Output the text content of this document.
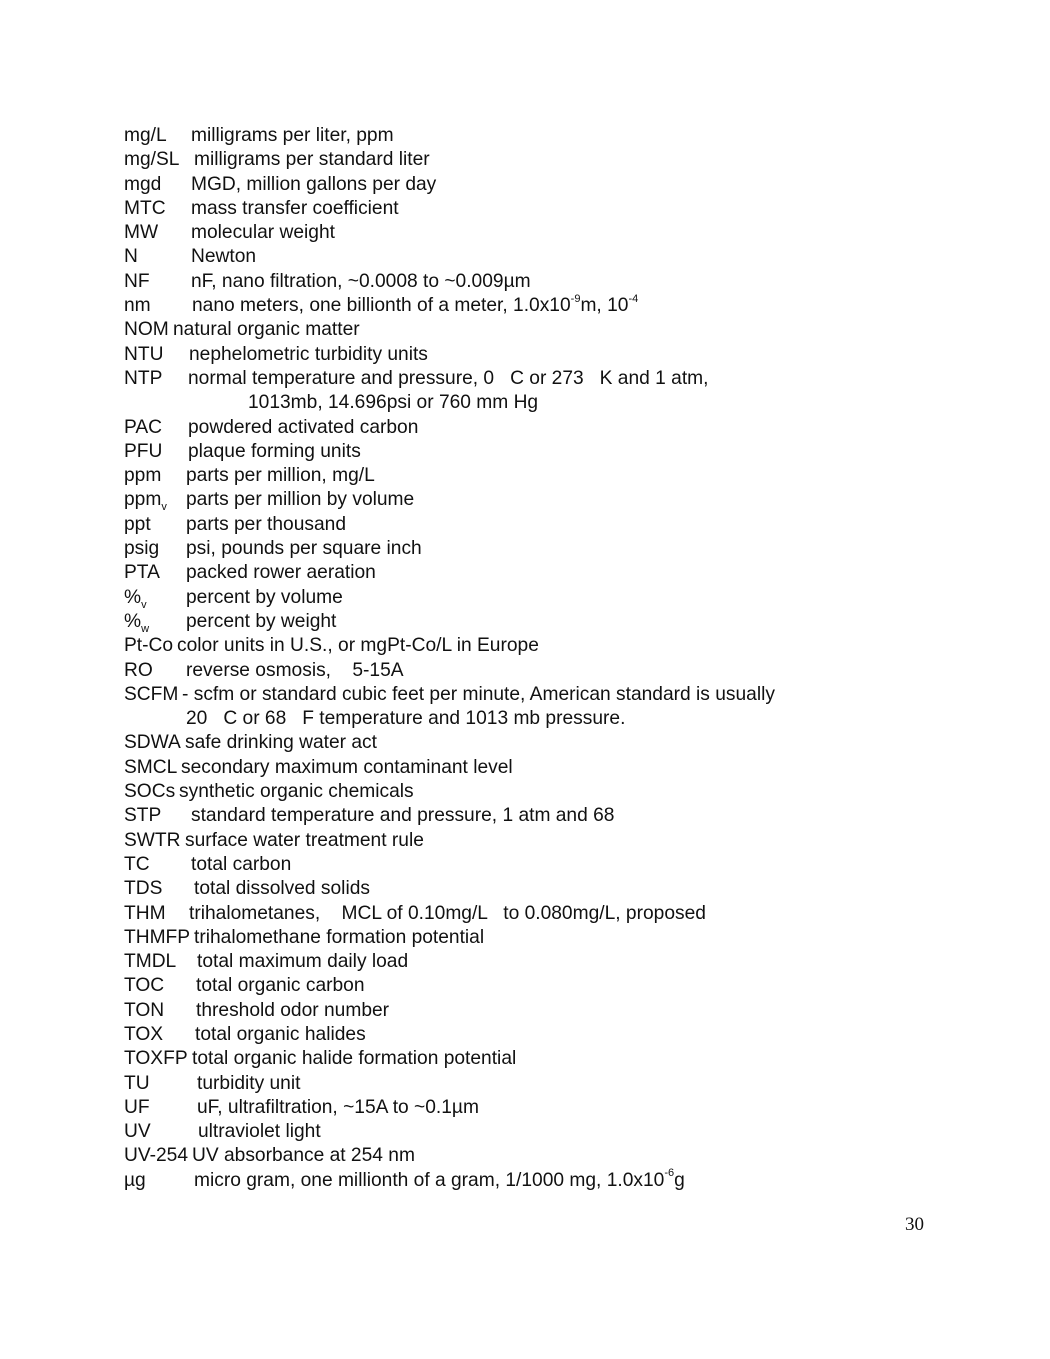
mg/L milligrams per liter, ppm
mg/SL milligrams per standard liter
mgd MGD, million gallons per day
MTC mass transfer coefficient
MW molecular weight
N	Newton
NF nF, nano filtration, ~0.0008 to ~0.009µm
nm nano meters, one billionth of a meter, $1.0x10^{-9}m$, $10^{-4}$
NOM natural organic matter
NTU nephelometric turbidity units
NTP normal temperature and pressure, 0   C or 273   K and 1 atm,
1013mb, 14.696psi or 760 mm Hg
PAC powdered activated carbon
PFU plaque forming units
ppm parts per million, mg/L
ppm$_v$ parts per million by volume
ppt parts per thousand
psig psi, pounds per square inch
PTA packed rower aeration
$\%_v$ percent by volume
$\%_w$ percent by weight
Pt-Co color units in U.S., or mgPt-Co/L in Europe
RO reverse osmosis,    5-15A
SCFM - scfm or standard cubic feet per minute, American standard is usually
20   C or 68   F temperature and 1013 mb pressure.
SDWA safe drinking water act
SMCL secondary maximum contaminant level
SOCs synthetic organic chemicals
STP standard temperature and pressure, 1 atm and 68
SWTR surface water treatment rule
TC total carbon
TDS total dissolved solids
THM trihalometanes,    MCL of 0.10mg/L   to 0.080mg/L, proposed
THMFP trihalomethane formation potential
TMDL total maximum daily load
TOC total organic carbon
TON threshold odor number
TOX total organic halides
TOXFP total organic halide formation potential
TU turbidity unit
UF uF, ultrafiltration, ~15A to ~0.1µm
UV ultraviolet light
UV-254 UV absorbance at 254 nm
µg	micro gram, one millionth of a gram, 1/1000 mg, $1.0x10^{-6}g$
30
